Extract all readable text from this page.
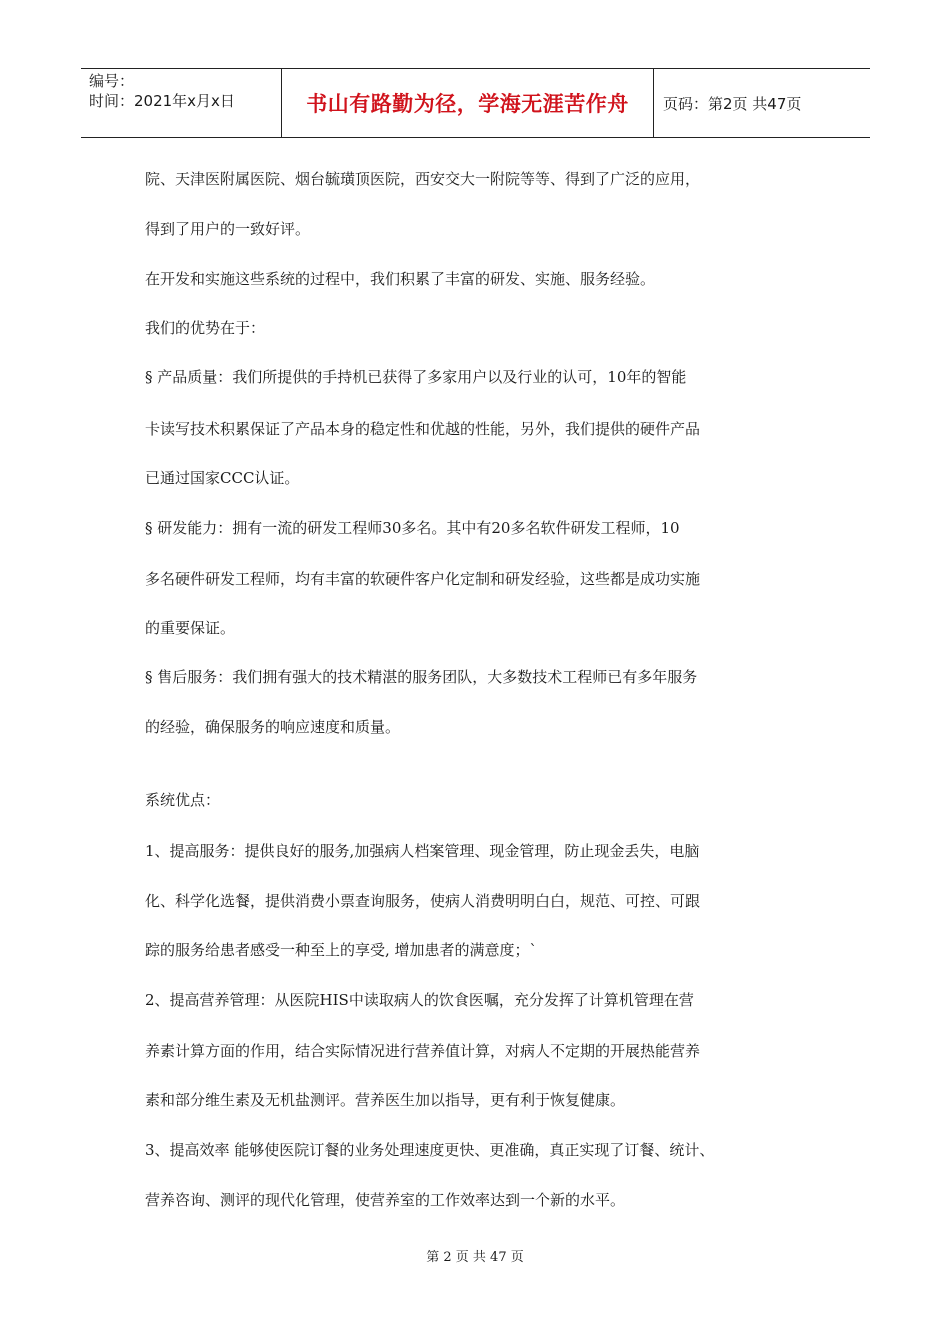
编号：
时间：2021年x月x日	书山有路勤为径，学海无涯苦作舟	页码：第2页 共47页
院、天津医附属医院、烟台毓璜顶医院，西安交大一附院等等、得到了广泛的应用，
得到了用户的一致好评。
在开发和实施这些系统的过程中，我们积累了丰富的研发、实施、服务经验。
我们的优势在于：
§ 产品质量：我们所提供的手持机已获得了多家用户以及行业的认可，10年的智能
卡读写技术积累保证了产品本身的稳定性和优越的性能，另外，我们提供的硬件产品
已通过国家CCC认证。
§ 研发能力：拥有一流的研发工程师30多名。其中有20多名软件研发工程师，10
多名硬件研发工程师，均有丰富的软硬件客户化定制和研发经验，这些都是成功实施
的重要保证。
§ 售后服务：我们拥有强大的技术精湛的服务团队，大多数技术工程师已有多年服务
的经验，确保服务的响应速度和质量。
系统优点：
1、提高服务：提供良好的服务,加强病人档案管理、现金管理，防止现金丢失，电脑
化、科学化选餐，提供消费小票查询服务，使病人消费明明白白，规范、可控、可跟
踪的服务给患者感受一种至上的享受, 增加患者的满意度；`
2、提高营养管理：从医院HIS中读取病人的饮食医嘱，充分发挥了计算机管理在营
养素计算方面的作用，结合实际情况进行营养值计算，对病人不定期的开展热能营养
素和部分维生素及无机盐测评。营养医生加以指导，更有利于恢复健康。
3、提高效率 能够使医院订餐的业务处理速度更快、更准确，真正实现了订餐、统计、
营养咨询、测评的现代化管理，使营养室的工作效率达到一个新的水平。
第 2 页 共 47 页
